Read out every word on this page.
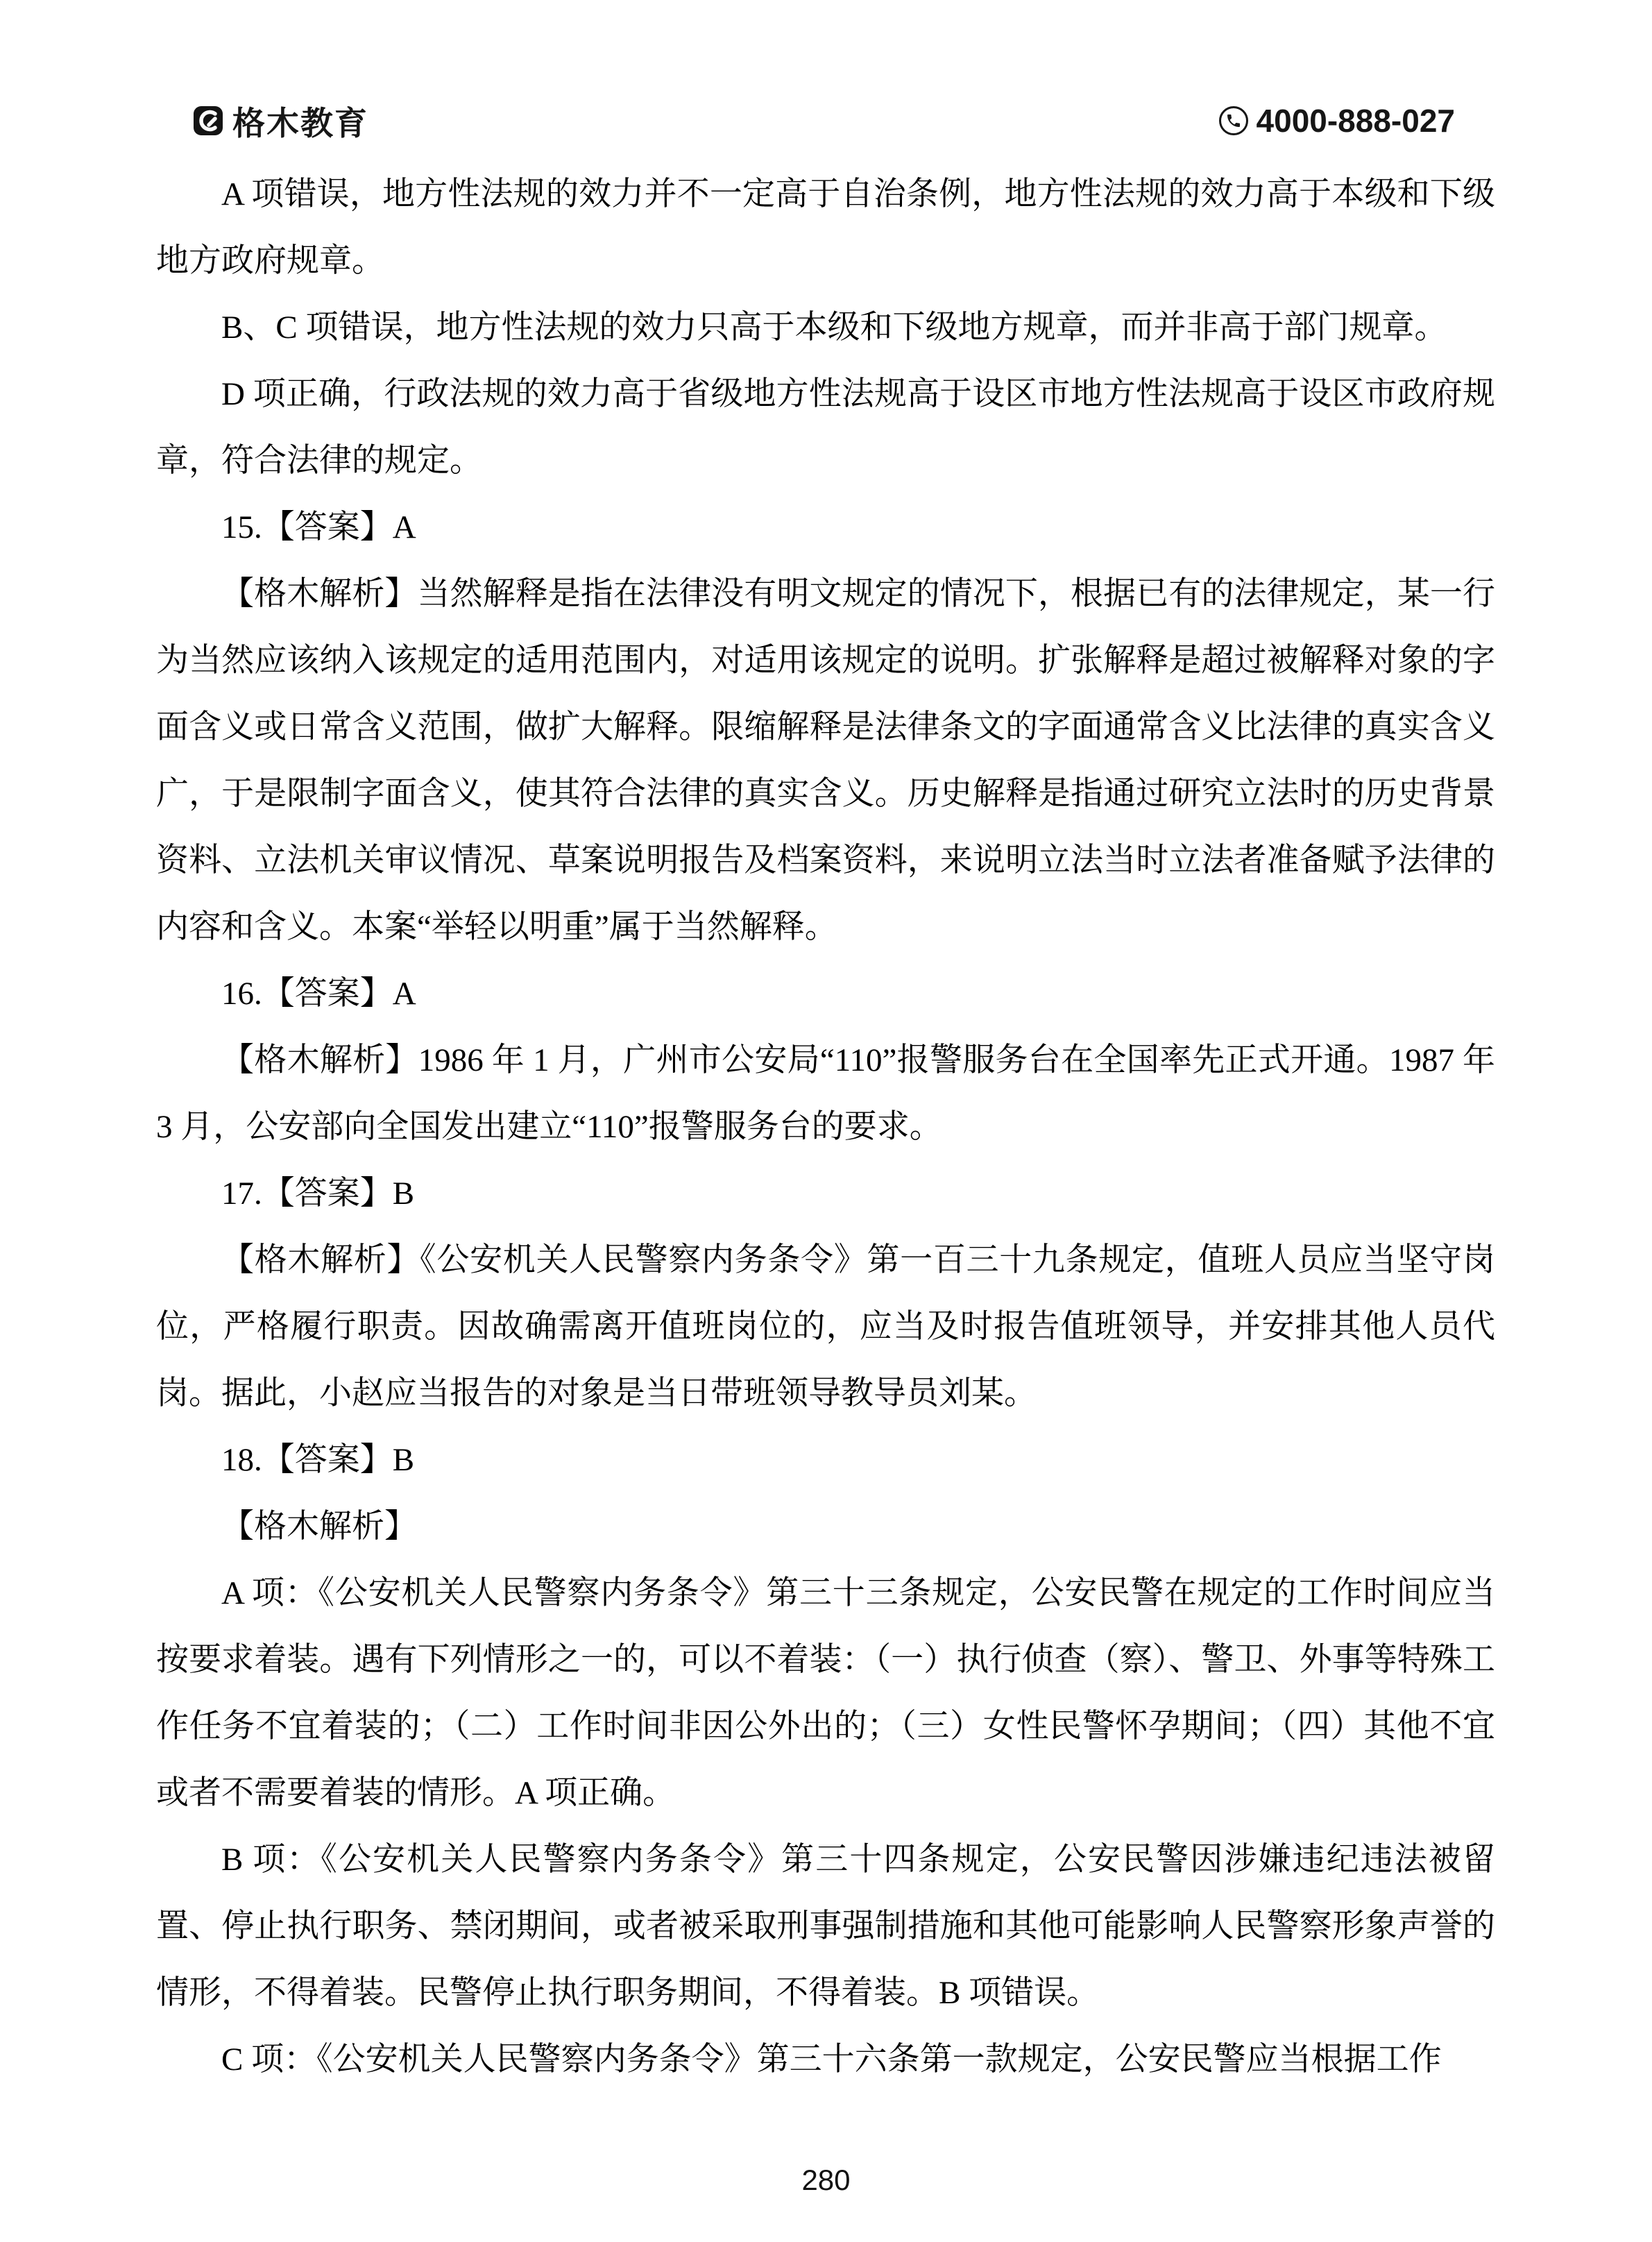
格木教育	4000-888-027

A 项错误，地方性法规的效力并不一定高于自治条例，地方性法规的效力高于本级和下级地方政府规章。

B、C 项错误，地方性法规的效力只高于本级和下级地方规章，而并非高于部门规章。

D 项正确，行政法规的效力高于省级地方性法规高于设区市地方性法规高于设区市政府规章，符合法律的规定。

15.【答案】A

【格木解析】当然解释是指在法律没有明文规定的情况下，根据已有的法律规定，某一行为当然应该纳入该规定的适用范围内，对适用该规定的说明。扩张解释是超过被解释对象的字面含义或日常含义范围，做扩大解释。限缩解释是法律条文的字面通常含义比法律的真实含义广，于是限制字面含义，使其符合法律的真实含义。历史解释是指通过研究立法时的历史背景资料、立法机关审议情况、草案说明报告及档案资料，来说明立法当时立法者准备赋予法律的内容和含义。本案“举轻以明重”属于当然解释。

16.【答案】A

【格木解析】1986 年 1 月，广州市公安局“110”报警服务台在全国率先正式开通。1987 年 3 月，公安部向全国发出建立“110”报警服务台的要求。

17.【答案】B

【格木解析】《公安机关人民警察内务条令》第一百三十九条规定，值班人员应当坚守岗位，严格履行职责。因故确需离开值班岗位的，应当及时报告值班领导，并安排其他人员代岗。据此，小赵应当报告的对象是当日带班领导教导员刘某。

18.【答案】B

【格木解析】

A 项：《公安机关人民警察内务条令》第三十三条规定，公安民警在规定的工作时间应当按要求着装。遇有下列情形之一的，可以不着装：（一）执行侦查（察）、警卫、外事等特殊工作任务不宜着装的；（二）工作时间非因公外出的；（三）女性民警怀孕期间；（四）其他不宜或者不需要着装的情形。A 项正确。

B 项：《公安机关人民警察内务条令》第三十四条规定，公安民警因涉嫌违纪违法被留置、停止执行职务、禁闭期间，或者被采取刑事强制措施和其他可能影响人民警察形象声誉的情形，不得着装。民警停止执行职务期间，不得着装。B 项错误。

C 项：《公安机关人民警察内务条令》第三十六条第一款规定，公安民警应当根据工作

280
